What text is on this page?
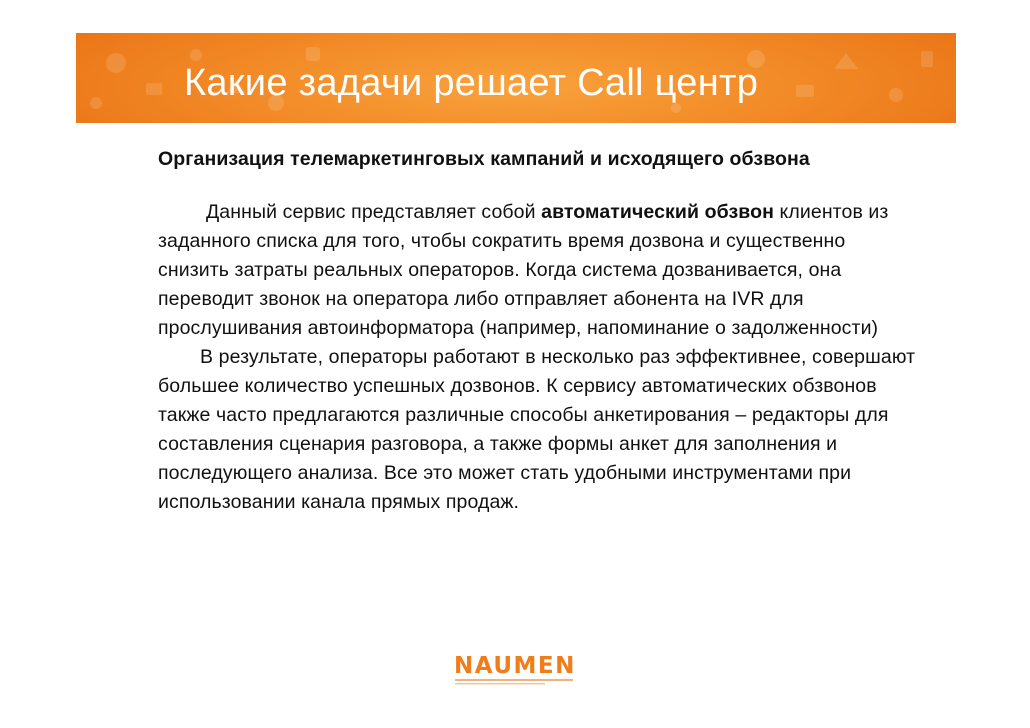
Какие задачи решает Call центр

Организация телемаркетинговых кампаний и исходящего обзвона

Данный сервис представляет собой автоматический обзвон клиентов из заданного списка для того, чтобы сократить время дозвона и существенно снизить затраты реальных операторов. Когда система дозванивается, она переводит звонок на оператора либо отправляет абонента на IVR для прослушивания автоинформатора (например, напоминание о задолженности)

В результате, операторы работают в несколько раз эффективнее, совершают большее количество успешных дозвонов. К сервису автоматических обзвонов также часто предлагаются различные способы анкетирования – редакторы для составления сценария разговора, а также формы анкет для заполнения и последующего анализа. Все это может стать удобными инструментами при использовании канала прямых продаж.

NAUMEN
